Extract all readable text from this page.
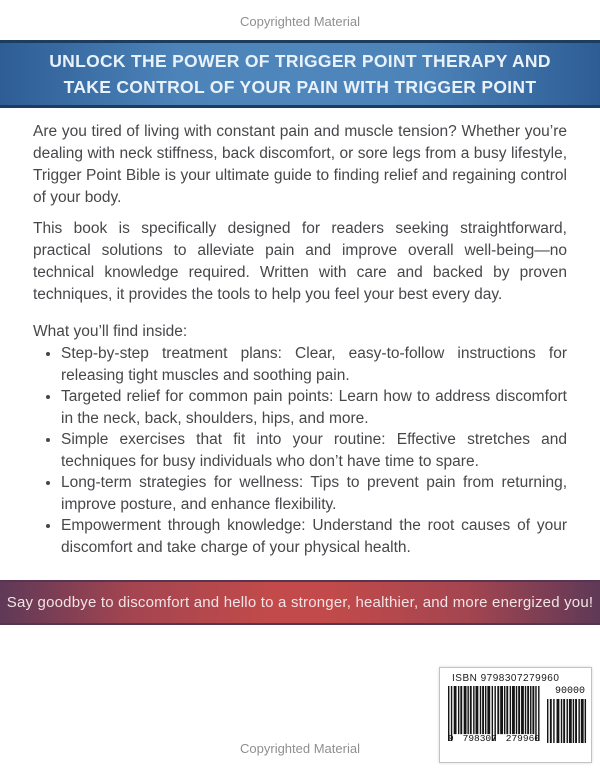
Copyrighted Material
UNLOCK THE POWER OF TRIGGER POINT THERAPY AND
TAKE CONTROL OF YOUR PAIN WITH TRIGGER POINT

Are you tired of living with constant pain and muscle tension? Whether you’re dealing with neck stiffness, back discomfort, or sore legs from a busy lifestyle, Trigger Point Bible is your ultimate guide to finding relief and regaining control of your body.

This book is specifically designed for readers seeking straightforward, practical solutions to alleviate pain and improve overall well-being—no technical knowledge required. Written with care and backed by proven techniques, it provides the tools to help you feel your best every day.

What you’ll find inside:
• Step-by-step treatment plans: Clear, easy-to-follow instructions for releasing tight muscles and soothing pain.
• Targeted relief for common pain points: Learn how to address discomfort in the neck, back, shoulders, hips, and more.
• Simple exercises that fit into your routine: Effective stretches and techniques for busy individuals who don’t have time to spare.
• Long-term strategies for wellness: Tips to prevent pain from returning, improve posture, and enhance flexibility.
• Empowerment through knowledge: Understand the root causes of your discomfort and take charge of your physical health.
Say goodbye to discomfort and hello to a stronger, healthier, and more energized you!
ISBN 9798307279960
9 798307 279960
90000
Copyrighted Material
